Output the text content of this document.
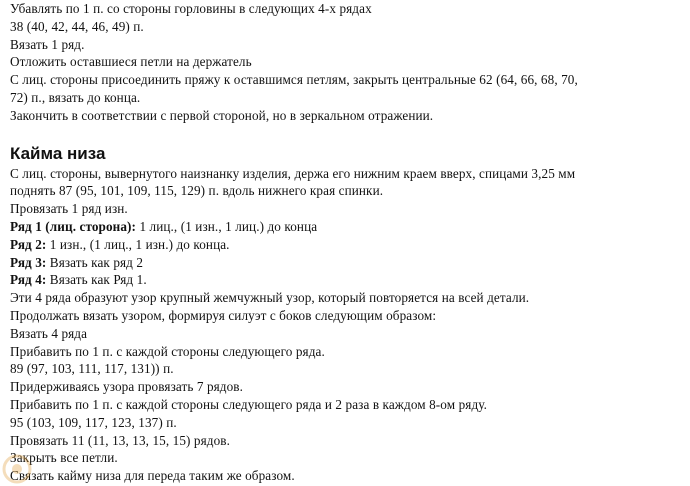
Убавлять по 1 п. со стороны горловины в следующих 4-х рядах
38 (40, 42, 44, 46, 49) п.
Вязать 1 ряд.
Отложить оставшиеся петли на держатель
С лиц. стороны присоединить пряжу к оставшимся петлям, закрыть центральные 62 (64, 66, 68, 70,
72) п., вязать до конца.
Закончить в соответствии с первой стороной, но в зеркальном отражении.
Кайма низа
С лиц. стороны, вывернутого наизнанку изделия, держа его нижним краем вверх, спицами 3,25 мм
поднять 87 (95, 101, 109, 115, 129) п. вдоль нижнего края спинки.
Провязать 1 ряд изн.
Ряд 1 (лиц. сторона): 1 лиц., (1 изн., 1 лиц.) до конца
Ряд 2: 1 изн., (1 лиц., 1 изн.) до конца.
Ряд 3: Вязать как ряд 2
Ряд 4: Вязать как Ряд 1.
Эти 4 ряда образуют узор крупный жемчужный узор, который повторяется на всей детали.
Продолжать вязать узором, формируя силуэт с боков следующим образом:
Вязать 4 ряда
Прибавить по 1 п. с каждой стороны следующего ряда.
89 (97, 103, 111, 117, 131)) п.
Придерживаясь узора провязать 7 рядов.
Прибавить по 1 п. с каждой стороны следующего ряда и 2 раза в каждом 8-ом ряду.
95 (103, 109, 117, 123, 137) п.
Провязать 11 (11, 13, 13, 15, 15) рядов.
Закрыть все петли.
Связать кайму низа для переда таким же образом.
